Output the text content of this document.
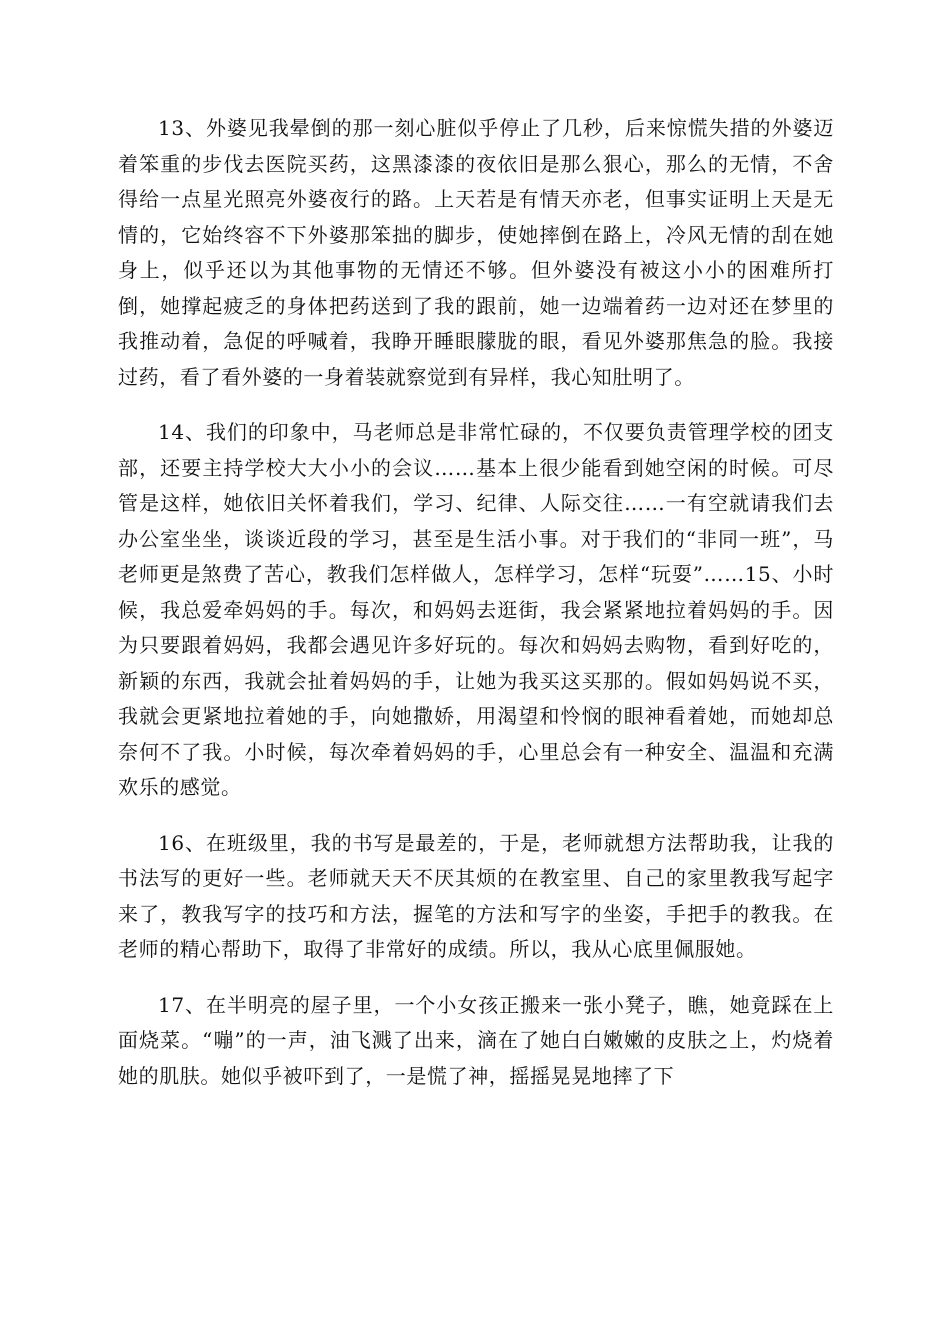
13、外婆见我晕倒的那一刻心脏似乎停止了几秒，后来惊慌失措的外婆迈着笨重的步伐去医院买药，这黑漆漆的夜依旧是那么狠心，那么的无情，不舍得给一点星光照亮外婆夜行的路。上天若是有情天亦老，但事实证明上天是无情的，它始终容不下外婆那笨拙的脚步，使她摔倒在路上，冷风无情的刮在她身上，似乎还以为其他事物的无情还不够。但外婆没有被这小小的困难所打倒，她撑起疲乏的身体把药送到了我的跟前，她一边端着药一边对还在梦里的我推动着，急促的呼喊着，我睁开睡眼朦胧的眼，看见外婆那焦急的脸。我接过药，看了看外婆的一身着装就察觉到有异样，我心知肚明了。

14、我们的印象中，马老师总是非常忙碌的，不仅要负责管理学校的团支部，还要主持学校大大小小的会议……基本上很少能看到她空闲的时候。可尽管是这样，她依旧关怀着我们，学习、纪律、人际交往……一有空就请我们去办公室坐坐，谈谈近段的学习，甚至是生活小事。对于我们的“非同一班”，马老师更是煞费了苦心，教我们怎样做人，怎样学习，怎样“玩耍”……15、小时候，我总爱牵妈妈的手。每次，和妈妈去逛街，我会紧紧地拉着妈妈的手。因为只要跟着妈妈，我都会遇见许多好玩的。每次和妈妈去购物，看到好吃的，新颖的东西，我就会扯着妈妈的手，让她为我买这买那的。假如妈妈说不买，我就会更紧地拉着她的手，向她撒娇，用渴望和怜悯的眼神看着她，而她却总奈何不了我。小时候，每次牵着妈妈的手，心里总会有一种安全、温温和充满欢乐的感觉。

16、在班级里，我的书写是最差的，于是，老师就想方法帮助我，让我的书法写的更好一些。老师就天天不厌其烦的在教室里、自己的家里教我写起字来了，教我写字的技巧和方法，握笔的方法和写字的坐姿，手把手的教我。在老师的精心帮助下，取得了非常好的成绩。所以，我从心底里佩服她。

17、在半明亮的屋子里，一个小女孩正搬来一张小凳子，瞧，她竟踩在上面烧菜。“嘣”的一声，油飞溅了出来，滴在了她白白嫩嫩的皮肤之上，灼烧着她的肌肤。她似乎被吓到了，一是慌了神，摇摇晃晃地摔了下
